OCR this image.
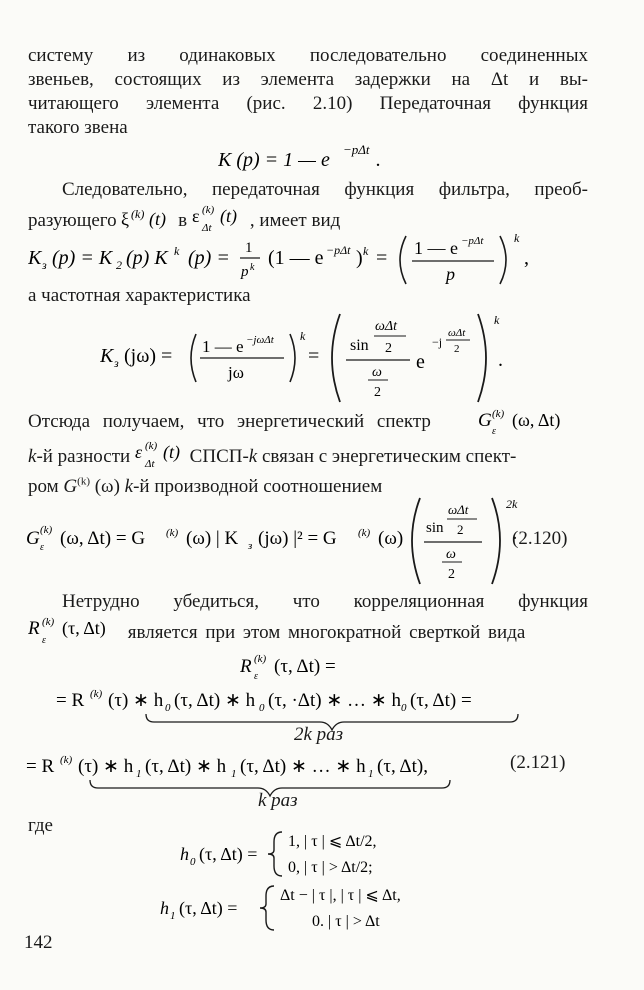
систему из одинаковых последовательно соединенных
звеньев, состоящих из элемента задержки на Δt и вы-
читающего элемента (рис. 2.10) Передаточная функция
такого звена
K (p) = 1 — e −pΔt .
Следовательно, передаточная функция фильтра, преоб-
разующего ξ (k) (t) в ε (k)
Δt
(t) , имеет вид
K з (p) = K 2 (p) K k (p) = 1
p k (1 — e −pΔt ) k = 1 — e −pΔt
p
k
,
а частотная характеристика
K з (jω) = 1 — e −jωΔt
jω
k
= sin
ωΔt
2
ω
2
e
−j
ωΔt
2
k
.
Отсюда получаем, что энергетический спектр G (k)
ε
(ω, Δt)
k-й разности ε (k)
Δt
(t) СПСП-k связан с энергетическим спект-
ром $G^{(k)}$ (ω) k-й производной соотношением
G (k)
ε (ω, Δt) = G (k) (ω) | K з (jω) |² = G (k) (ω) sin
ωΔt
2
ω
2
2k
·
(2.120)
Нетрудно убедиться, что корреляционная функция
R (k)
ε
(τ, Δt) является при этом многократной сверткой вида
R (k)
ε (τ, Δt) =
= R (k) (τ) ∗ h 0 (τ, Δt) ∗ h 0 (τ, ·Δt) ∗ … ∗ h 0 (τ, Δt) =
2k раз
= R (k) (τ) ∗ h 1 (τ, Δt) ∗ h 1 (τ, Δt) ∗ … ∗ h 1 (τ, Δt),	(2.121)
k раз
где
h 0 (τ, Δt) =
1, | τ | ⩽ Δt/2,
0, | τ | > Δt/2;
h 1 (τ, Δt) =
Δt − | τ |, | τ | ⩽ Δt,
0. | τ | > Δt
142
